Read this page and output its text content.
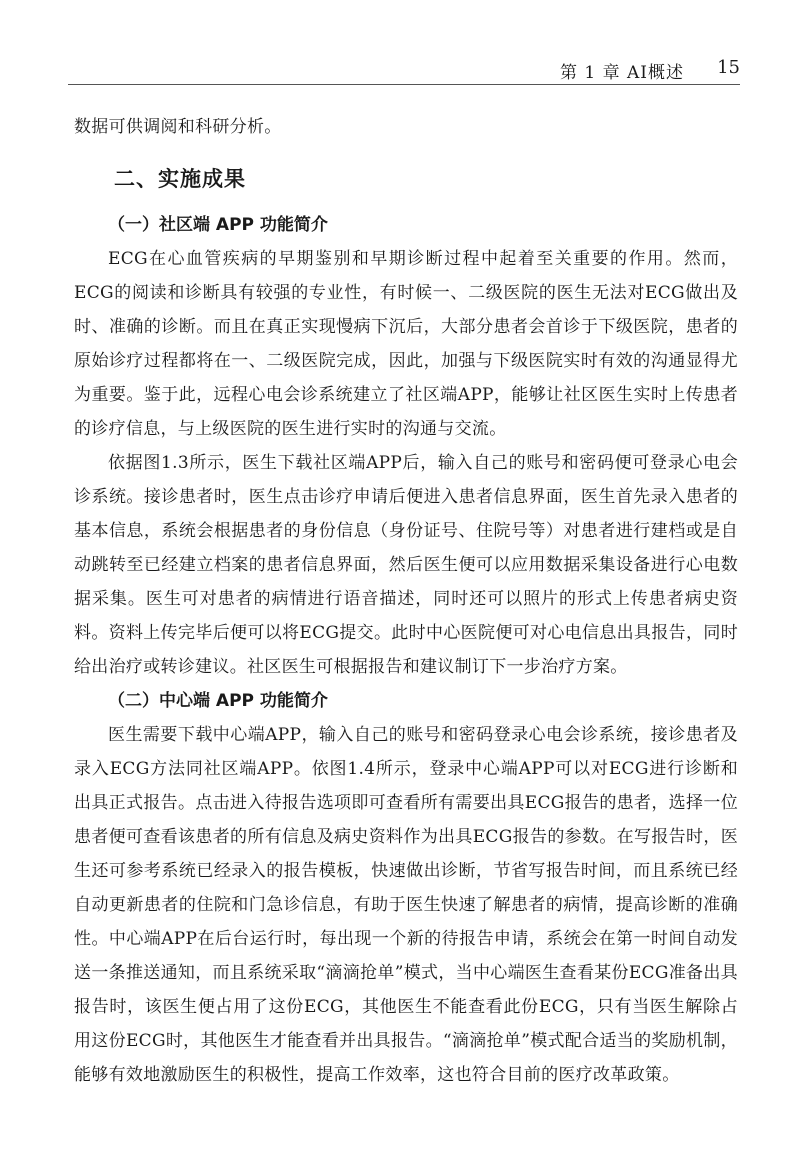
第 1 章 AI概述 15

数据可供调阅和科研分析。

二、实施成果
（一）社区端 APP 功能简介

ECG在心血管疾病的早期鉴别和早期诊断过程中起着至关重要的作用。然而，ECG的阅读和诊断具有较强的专业性，有时候一、二级医院的医生无法对ECG做出及时、准确的诊断。而且在真正实现慢病下沉后，大部分患者会首诊于下级医院，患者的原始诊疗过程都将在一、二级医院完成，因此，加强与下级医院实时有效的沟通显得尤为重要。鉴于此，远程心电会诊系统建立了社区端APP，能够让社区医生实时上传患者的诊疗信息，与上级医院的医生进行实时的沟通与交流。

依据图1.3所示，医生下载社区端APP后，输入自己的账号和密码便可登录心电会诊系统。接诊患者时，医生点击诊疗申请后便进入患者信息界面，医生首先录入患者的基本信息，系统会根据患者的身份信息（身份证号、住院号等）对患者进行建档或是自动跳转至已经建立档案的患者信息界面，然后医生便可以应用数据采集设备进行心电数据采集。医生可对患者的病情进行语音描述，同时还可以照片的形式上传患者病史资料。资料上传完毕后便可以将ECG提交。此时中心医院便可对心电信息出具报告，同时给出治疗或转诊建议。社区医生可根据报告和建议制订下一步治疗方案。

（二）中心端 APP 功能简介

医生需要下载中心端APP，输入自己的账号和密码登录心电会诊系统，接诊患者及录入ECG方法同社区端APP。依图1.4所示，登录中心端APP可以对ECG进行诊断和出具正式报告。点击进入待报告选项即可查看所有需要出具ECG报告的患者，选择一位患者便可查看该患者的所有信息及病史资料作为出具ECG报告的参数。在写报告时，医生还可参考系统已经录入的报告模板，快速做出诊断，节省写报告时间，而且系统已经自动更新患者的住院和门急诊信息，有助于医生快速了解患者的病情，提高诊断的准确性。中心端APP在后台运行时，每出现一个新的待报告申请，系统会在第一时间自动发送一条推送通知，而且系统采取“滴滴抢单”模式，当中心端医生查看某份ECG准备出具报告时，该医生便占用了这份ECG，其他医生不能查看此份ECG，只有当医生解除占用这份ECG时，其他医生才能查看并出具报告。“滴滴抢单”模式配合适当的奖励机制，能够有效地激励医生的积极性，提高工作效率，这也符合目前的医疗改革政策。
